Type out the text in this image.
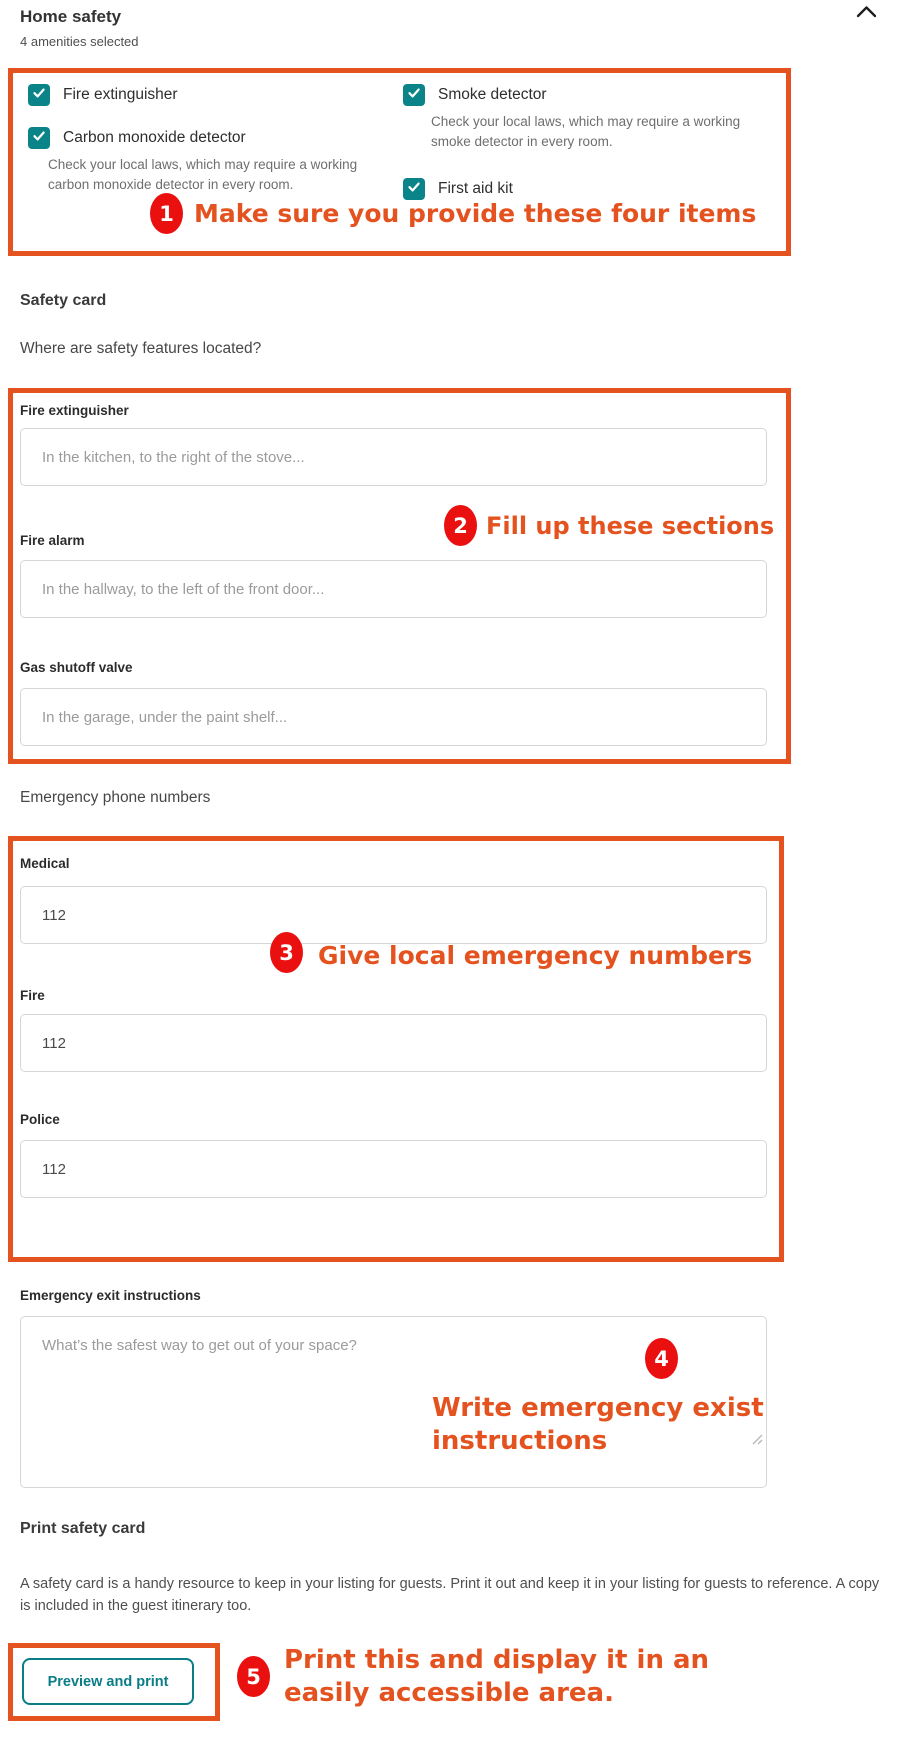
Home safety
4 amenities selected
Fire extinguisher
Carbon monoxide detector
Check your local laws, which may require a working carbon monoxide detector in every room.
Smoke detector
Check your local laws, which may require a working smoke detector in every room.
First aid kit
1 Make sure you provide these four items
Safety card
Where are safety features located?
Fire extinguisher
In the kitchen, to the right of the stove...
2 Fill up these sections
Fire alarm
In the hallway, to the left of the front door...
Gas shutoff valve
In the garage, under the paint shelf...
Emergency phone numbers
Medical
112
3 Give local emergency numbers
Fire
112
Police
112
Emergency exit instructions
What’s the safest way to get out of your space?
4
Write emergency exist instructions
Print safety card
A safety card is a handy resource to keep in your listing for guests. Print it out and keep it in your listing for guests to reference. A copy is included in the guest itinerary too.
Preview and print	5
Print this and display it in an easily accessible area.
